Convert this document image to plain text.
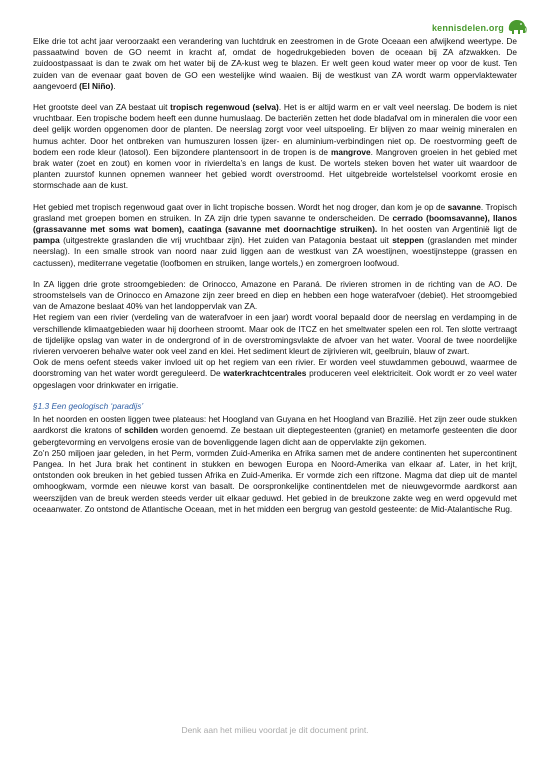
kennisdelen.org

Elke drie tot acht jaar veroorzaakt een verandering van luchtdruk en zeestromen in de Grote Oceaan een afwijkend weertype. De passaatwind boven de GO neemt in kracht af, omdat de hogedrukgebieden boven de oceaan bij ZA afzwakken. De zuidoostpassaat is dan te zwak om het water bij de ZA-kust weg te blazen. Er welt geen koud water meer op voor de kust. Ten zuiden van de evenaar gaat boven de GO een westelijke wind waaien. Bij de westkust van ZA wordt warm oppervlaktewater aangevoerd (El Niño).

Het grootste deel van ZA bestaat uit tropisch regenwoud (selva). Het is er altijd warm en er valt veel neerslag. De bodem is niet vruchtbaar. Een tropische bodem heeft een dunne humuslaag. De bacteriën zetten het dode bladafval om in mineralen die voor een deel gelijk worden opgenomen door de planten. De neerslag zorgt voor veel uitspoeling. Er blijven zo maar weinig mineralen en humus achter. Door het ontbreken van humuszuren lossen ijzer- en aluminium-verbindingen niet op. De roestvorming geeft de bodem een rode kleur (latosol). Een bijzondere plantensoort in de tropen is de mangrove. Mangroven groeien in het gebied met brak water (zoet en zout) en komen voor in rivierdelta’s en langs de kust. De wortels steken boven het water uit waardoor de planten zuurstof kunnen opnemen wanneer het gebied wordt overstroomd. Het uitgebreide wortelstelsel voorkomt erosie en stormschade aan de kust.

Het gebied met tropisch regenwoud gaat over in licht tropische bossen. Wordt het nog droger, dan kom je op de savanne. Tropisch grasland met groepen bomen en struiken. In ZA zijn drie typen savanne te onderscheiden. De cerrado (boomsavanne), llanos (grassavanne met soms wat bomen), caatinga (savanne met doornachtige struiken). In het oosten van Argentinië ligt de pampa (uitgestrekte graslanden die vrij vruchtbaar zijn). Het zuiden van Patagonia bestaat uit steppen (graslanden met minder neerslag). In een smalle strook van noord naar zuid liggen aan de westkust van ZA woestijnen, woestijnsteppe (grassen en cactussen), mediterrane vegetatie (loofbomen en struiken, lange wortels,) en zomergroen loofwoud.

In ZA liggen drie grote stroomgebieden: de Orinocco, Amazone en Paraná. De rivieren stromen in de richting van de AO. De stroomstelsels van de Orinocco en Amazone zijn zeer breed en diep en hebben een hoge waterafvoer (debiet). Het stroomgebied van de Amazone beslaat 40% van het landoppervlak van ZA.

Het regiem van een rivier (verdeling van de waterafvoer in een jaar) wordt vooral bepaald door de neerslag en verdamping in de verschillende klimaatgebieden waar hij doorheen stroomt. Maar ook de ITCZ en het smeltwater spelen een rol. Ten slotte vertraagt de tijdelijke opslag van water in de ondergrond of in de overstromingsvlakte de afvoer van het water. Vooral de twee noordelijke rivieren vervoeren behalve water ook veel zand en klei. Het sediment kleurt de zijrivieren wit, geelbruin, blauw of zwart.

Ook de mens oefent steeds vaker invloed uit op het regiem van een rivier. Er worden veel stuwdammen gebouwd, waarmee de doorstroming van het water wordt gereguleerd. De waterkrachtcentrales produceren veel elektriciteit. Ook wordt er zo veel water opgeslagen voor drinkwater en irrigatie.

§1.3 Een geologisch ‘paradijs’

In het noorden en oosten liggen twee plateaus: het Hoogland van Guyana en het Hoogland van Brazilië. Het zijn zeer oude stukken aardkorst die kratons of schilden worden genoemd. Ze bestaan uit dieptegesteenten (graniet) en metamorfe gesteenten die door gebergtevorming en vervolgens erosie van de bovenliggende lagen dicht aan de oppervlakte zijn gekomen.

Zo’n 250 miljoen jaar geleden, in het Perm, vormden Zuid-Amerika en Afrika samen met de andere continenten het supercontinent Pangea. In het Jura brak het continent in stukken en bewogen Europa en Noord-Amerika van elkaar af. Later, in het krijt, ontstonden ook breuken in het gebied tussen Afrika en Zuid-Amerika. Er vormde zich een riftzone. Magma dat diep uit de mantel omhoogkwam, vormde een nieuwe korst van basalt. De oorspronkelijke continentdelen met de nieuwgevormde aardkorst aan weerszijden van de breuk werden steeds verder uit elkaar geduwd. Het gebied in de breukzone zakte weg en werd opgevuld met oceaanwater. Zo ontstond de Atlantische Oceaan, met in het midden een bergrug van gestold gesteente: de Mid-Atalantische Rug.

Denk aan het milieu voordat je dit document print.
